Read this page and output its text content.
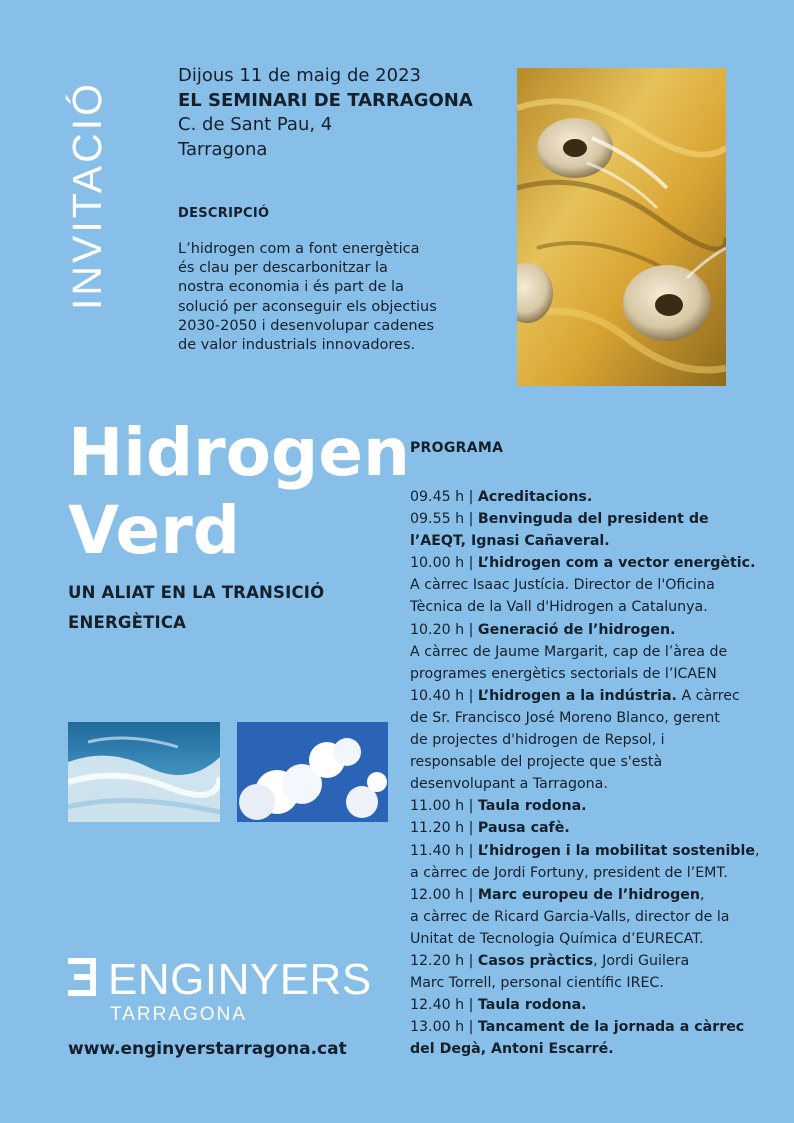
INVITACIÓ
Dijous 11 de maig de 2023
EL SEMINARI DE TARRAGONA
C. de Sant Pau, 4
Tarragona
DESCRIPCIÓ
L’hidrogen com a font energètica és clau per descarbonitzar la nostra economia i és part de la solució per aconseguir els objectius 2030-2050 i desenvolupar cadenes de valor industrials innovadores.
Hidrogen
Verd
UN ALIAT EN LA TRANSICIÓ ENERGÈTICA
PROGRAMA
09.45 h | Acreditacions.
09.55 h | Benvinguda del president de
l’AEQT, Ignasi Cañaveral.
10.00 h | L’hidrogen com a vector energètic.
A càrrec Isaac Justícia. Director de l'Oficina
Tècnica de la Vall d'Hidrogen a Catalunya.
10.20 h | Generació de l’hidrogen.
A càrrec de Jaume Margarit, cap de l’àrea de
programes energètics sectorials de l’ICAEN
10.40 h | L’hidrogen a la indústria. A càrrec
de Sr. Francisco José Moreno Blanco, gerent
de projectes d'hidrogen de Repsol, i
responsable del projecte que s'està
desenvolupant a Tarragona.
11.00 h | Taula rodona.
11.20 h | Pausa cafè.
11.40 h | L’hidrogen i la mobilitat sostenible,
a càrrec de Jordi Fortuny, president de l’EMT.
12.00 h | Marc europeu de l’hidrogen,
a càrrec de Ricard Garcia-Valls, director de la
Unitat de Tecnologia Química d’EURECAT.
12.20 h | Casos pràctics, Jordi Guilera
Marc Torrell, personal científic IREC.
12.40 h | Taula rodona.
13.00 h | Tancament de la jornada a càrrec
del Degà, Antoni Escarré.
ENGINYERS
TARRAGONA
www.enginyerstarragona.cat
